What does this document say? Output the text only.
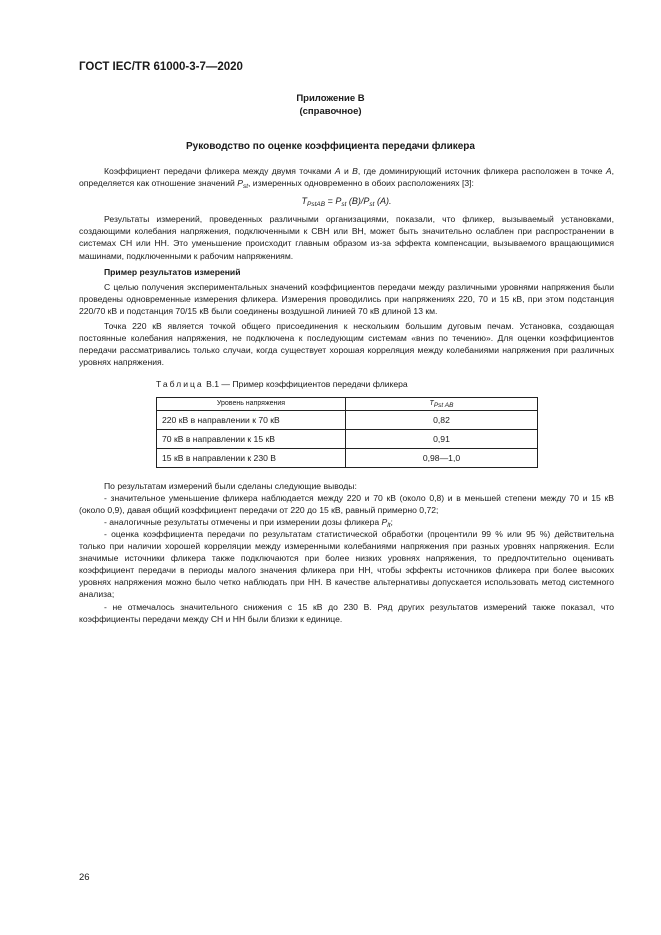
ГОСТ IEC/TR 61000-3-7—2020
Приложение B
(справочное)
Руководство по оценке коэффициента передачи фликера

Коэффициент передачи фликера между двумя точками A и B, где доминирующий источник фликера расположен в точке A, определяется как отношение значений $P_{st}$, измеренных одновременно в обоих расположениях [3]:

$T_{PstAB} = P_{st}$ $(B)/P_{st}$ (A).

Результаты измерений, проведенных различными организациями, показали, что фликер, вызываемый установками, создающими колебания напряжения, подключенными к СВН или ВН, может быть значительно ослаблен при распространении в системах СН или НН. Это уменьшение происходит главным образом из-за эффекта компенсации, вызываемого вращающимися машинами, подключенными к рабочим напряжениям.

Пример результатов измерений

С целью получения экспериментальных значений коэффициентов передачи между различными уровнями напряжения были проведены одновременные измерения фликера. Измерения проводились при напряжениях 220, 70 и 15 кВ, при этом подстанция 220/70 кВ и подстанция 70/15 кВ были соединены воздушной линией 70 кВ длиной 13 км.

Точка 220 кВ является точкой общего присоединения к нескольким большим дуговым печам. Установка, создающая постоянные колебания напряжения, не подключена к последующим системам «вниз по течению». Для оценки коэффициентов передачи рассматривались только случаи, когда существует хорошая корреляция между колебаниями напряжения при различных уровнях напряжения.

Таблица B.1 — Пример коэффициентов передачи фликера

Уровень напряжения	$T_{Pst AB}$
220 кВ в направлении к 70 кВ	0,82
70 кВ в направлении к 15 кВ	0,91
15 кВ в направлении к 230 В	0,98—1,0

По результатам измерений были сделаны следующие выводы:

- значительное уменьшение фликера наблюдается между 220 и 70 кВ (около 0,8) и в меньшей степени между 70 и 15 кВ (около 0,9), давая общий коэффициент передачи от 220 до 15 кВ, равный примерно 0,72;

- аналогичные результаты отмечены и при измерении дозы фликера $P_{lt}$;

- оценка коэффициента передачи по результатам статистической обработки (процентили 99 % или 95 %) действительна только при наличии хорошей корреляции между измеренными колебаниями напряжения при разных уровнях напряжения. Если значимые источники фликера также подключаются при более низких уровнях напряжения, то предпочтительно оценивать коэффициент передачи в периоды малого значения фликера при НН, чтобы эффекты источников фликера при более высоких уровнях напряжения можно было четко наблюдать при НН. В качестве альтернативы допускается использовать метод системного анализа;

- не отмечалось значительного снижения с 15 кВ до 230 В. Ряд других результатов измерений также показал, что коэффициенты передачи между СН и НН были близки к единице.

26
